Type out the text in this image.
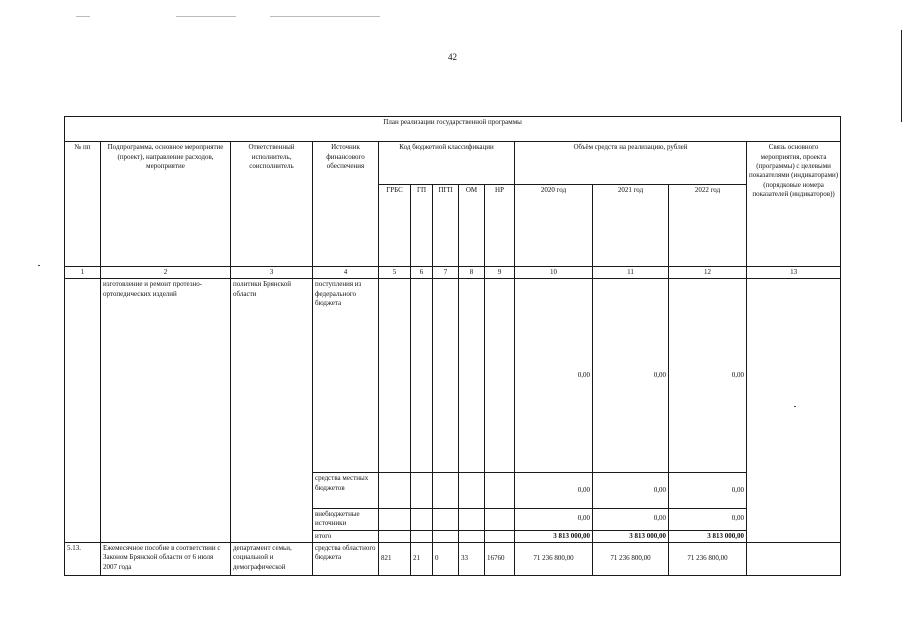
42
План реализации государственной программы												
№ пп	Подпрограмма, основное мероприятие (проект), направление расходов, мероприятие	Ответственный исполнитель, соисполнитель	Источник финансового обеспечения	Код бюджетной классификации					Объём средств на реализацию, рублей			Связь основного мероприятия, проекта (программы) с целевыми показателями (индикаторами) (порядковые номера показателей (индикаторов))
				ГРБС	ГП	ПГП	ОМ	НР	2020 год	2021 год	2022 год	
1	2	3	4	5	6	7	8	9	10	11	12	13
	изготовление и ремонт протезно-ортопедических изделий	политики Брянской области	поступления из федерального бюджета						0,00	0,00	0,00	
			средства местных бюджетов						0,00	0,00	0,00	
			внебюджетные источники						0,00	0,00	0,00	
			итого						3 813 000,00	3 813 000,00	3 813 000,00	
5.13.	Ежемесячное пособие в соответствии с Законом Брянской области от 6 июля 2007 года	департамент семьи, социальной и демографической	средства областного бюджета	821	21	0	33	16760	71 236 800,00	71 236 800,00	71 236 800,00	
